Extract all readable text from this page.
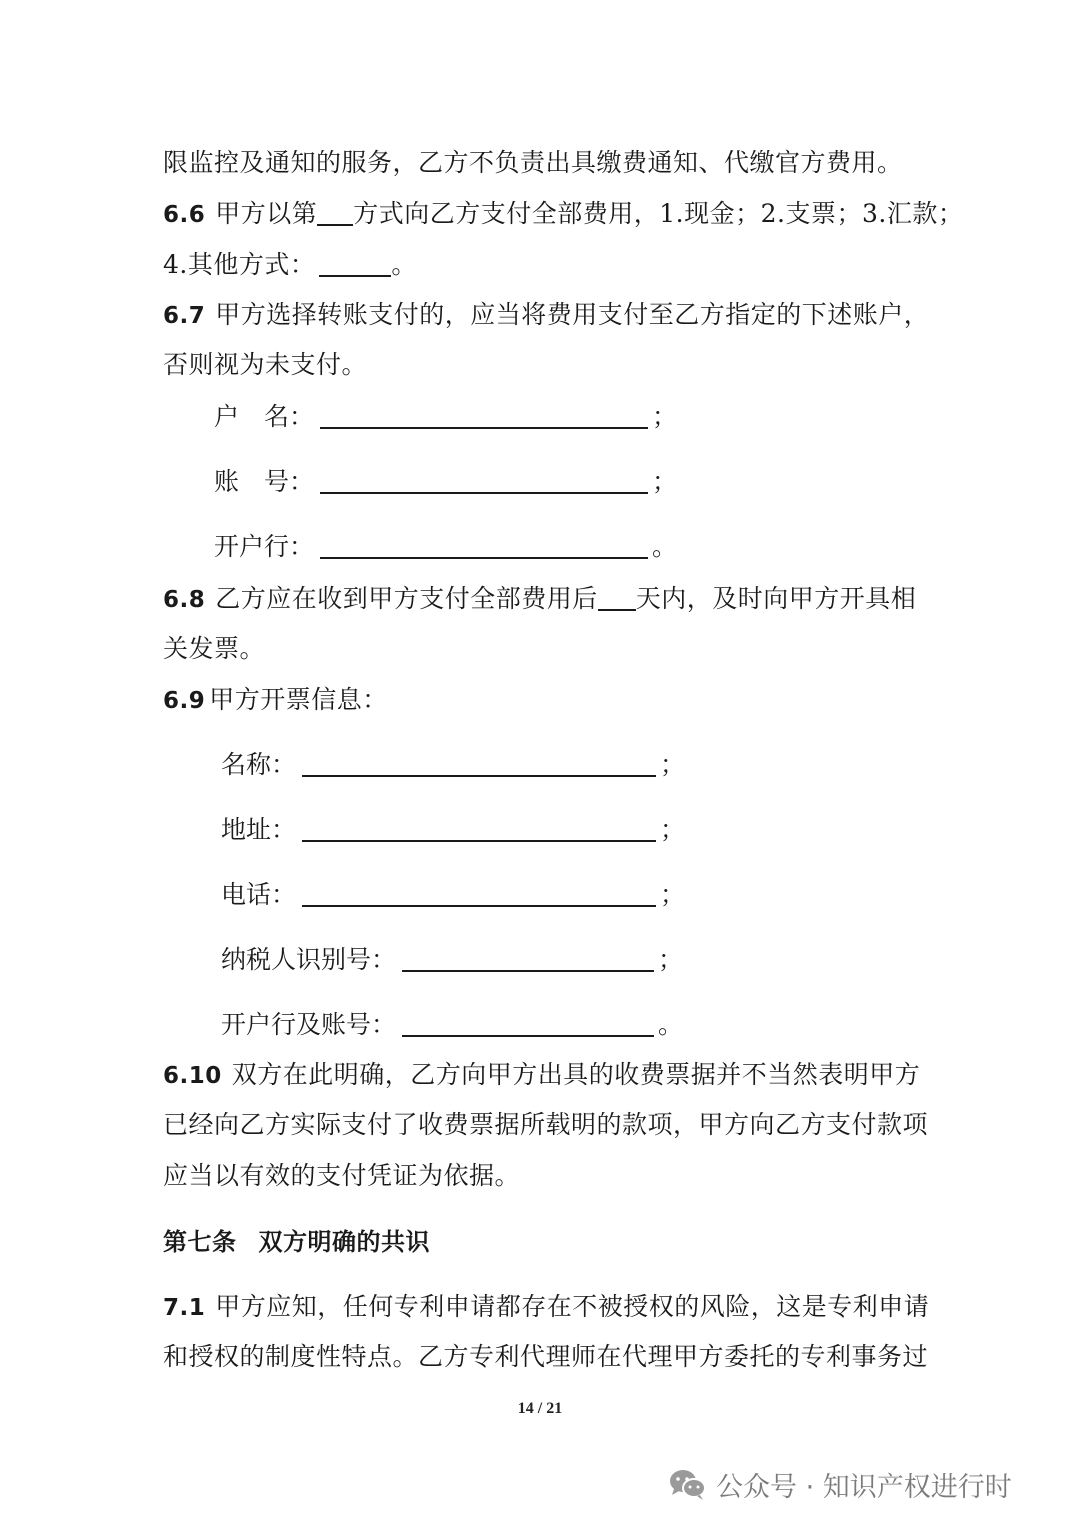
限监控及通知的服务，乙方不负责出具缴费通知、代缴官方费用。
6.6 甲方以第 方式向乙方支付全部费用，1.现金；2.支票；3.汇款；
4.其他方式：	。
6.7 甲方选择转账支付的，应当将费用支付至乙方指定的下述账户，
否则视为未支付。
户　名：	；
账　号：	；
开户行：	。
6.8 乙方应在收到甲方支付全部费用后 天内，及时向甲方开具相
关发票。
6.9 甲方开票信息：
名称：	；
地址：	；
电话：	；
纳税人识别号：	；
开户行及账号：	。
6.10 双方在此明确，乙方向甲方出具的收费票据并不当然表明甲方
已经向乙方实际支付了收费票据所载明的款项，甲方向乙方支付款项
应当以有效的支付凭证为依据。
第七条 双方明确的共识
7.1 甲方应知，任何专利申请都存在不被授权的风险，这是专利申请
和授权的制度性特点。乙方专利代理师在代理甲方委托的专利事务过
14 / 21
公众号 · 知识产权进行时
